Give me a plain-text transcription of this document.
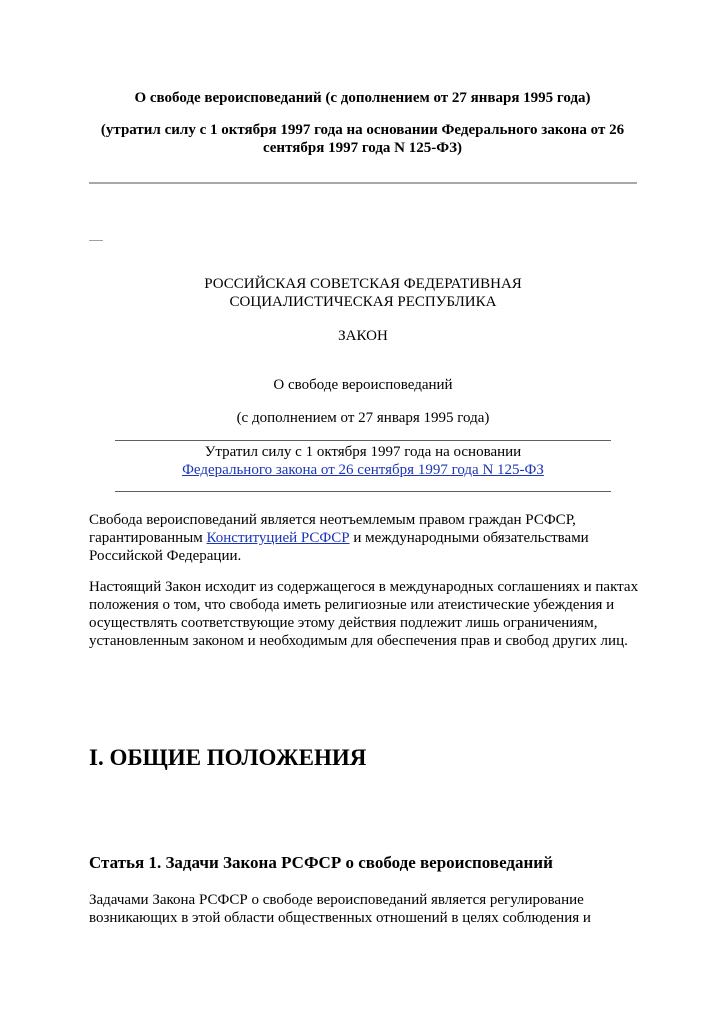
О свободе вероисповеданий (с дополнением от 27 января 1995 года)
(утратил силу с 1 октября 1997 года на основании Федерального закона от 26
сентября 1997 года N 125-ФЗ)
РОССИЙСКАЯ СОВЕТСКАЯ ФЕДЕРАТИВНАЯ
СОЦИАЛИСТИЧЕСКАЯ РЕСПУБЛИКА
ЗАКОН
О свободе вероисповеданий
(с дополнением от 27 января 1995 года)
Утратил силу с 1 октября 1997 года на основании
Федерального закона от 26 сентября 1997 года N 125-ФЗ
Свобода вероисповеданий является неотъемлемым правом граждан РСФСР,
гарантированным Конституцией РСФСР и международными обязательствами
Российской Федерации.
Настоящий Закон исходит из содержащегося в международных соглашениях и пактах
положения о том, что свобода иметь религиозные или атеистические убеждения и
осуществлять соответствующие этому действия подлежит лишь ограничениям,
установленным законом и необходимым для обеспечения прав и свобод других лиц.
I. ОБЩИЕ ПОЛОЖЕНИЯ
Статья 1. Задачи Закона РСФСР о свободе вероисповеданий
Задачами Закона РСФСР о свободе вероисповеданий является регулирование
возникающих в этой области общественных отношений в целях соблюдения и
